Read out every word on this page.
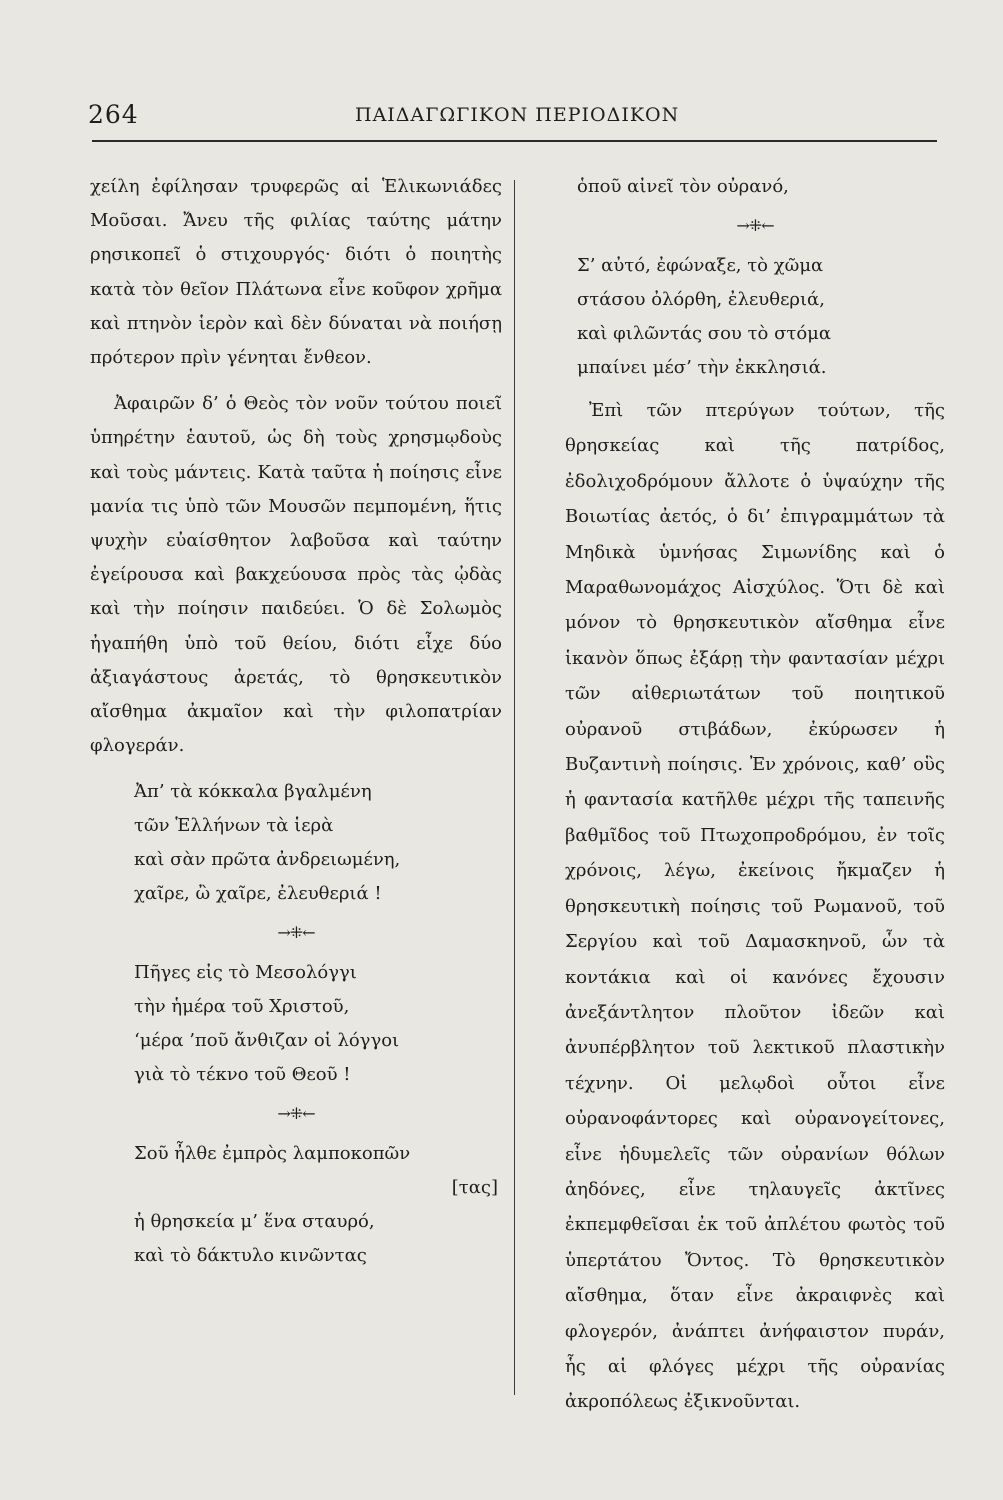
264	ΠΑΙΔΑΓΩΓΙΚΟΝ ΠΕΡΙΟΔΙΚΟΝ

χείλη ἐφίλησαν τρυφερῶς αἱ Ἑλικωνιάδες Μοῦσαι. Ἄνευ τῆς φιλίας ταύτης μάτην ρησικοπεῖ ὁ στιχουργός· διότι ὁ ποιητὴς κατὰ τὸν θεῖον Πλάτωνα εἶνε κοῦφον χρῆμα καὶ πτηνὸν ἱερὸν καὶ δὲν δύναται νὰ ποιήσῃ πρότερον πρὶν γένηται ἔνθεον.

Ἀφαιρῶν δ’ ὁ Θεὸς τὸν νοῦν τούτου ποιεῖ ὑπηρέτην ἑαυτοῦ, ὡς δὴ τοὺς χρησμῳδοὺς καὶ τοὺς μάντεις. Κατὰ ταῦτα ἡ ποίησις εἶνε μανία τις ὑπὸ τῶν Μουσῶν πεμπομένη, ἥτις ψυχὴν εὐαίσθητον λαβοῦσα καὶ ταύτην ἐγείρουσα καὶ βακχεύουσα πρὸς τὰς ᾠδὰς καὶ τὴν ποίησιν παιδεύει. Ὁ δὲ Σολωμὸς ἠγαπήθη ὑπὸ τοῦ θείου, διότι εἶχε δύο ἀξιαγάστους ἀρετάς, τὸ θρησκευτικὸν αἴσθημα ἀκμαῖον καὶ τὴν φιλοπατρίαν φλογεράν.

Ἀπ’ τὰ κόκκαλα βγαλμένη
τῶν Ἑλλήνων τὰ ἱερὰ
καὶ σὰν πρῶτα ἀνδρειωμένη,
χαῖρε, ὢ χαῖρε, ἐλευθεριά !
→⁜←
Πῆγες εἰς τὸ Μεσολόγγι
τὴν ἡμέρα τοῦ Χριστοῦ,
‘μέρα ’ποῦ ἄνθιζαν οἱ λόγγοι
γιὰ τὸ τέκνο τοῦ Θεοῦ !
→⁜←
Σοῦ ἦλθε ἐμπρὸς λαμποκοπῶν
[τας]
ἡ θρησκεία μ’ ἕνα σταυρό,
καὶ τὸ δάκτυλο κινῶντας
ὁποῦ αἰνεῖ τὸν οὐρανό,
→⁜←
Σ’ αὐτό, ἐφώναξε, τὸ χῶμα
στάσου ὀλόρθη, ἐλευθεριά,
καὶ φιλῶντάς σου τὸ στόμα
μπαίνει μέσ’ τὴν ἐκκλησιά.

Ἐπὶ τῶν πτερύγων τούτων, τῆς θρησκείας καὶ τῆς πατρίδος, ἐδολιχοδρόμουν ἄλλοτε ὁ ὑψαύχην τῆς Βοιωτίας ἀετός, ὁ δι’ ἐπιγραμμάτων τὰ Μηδικὰ ὑμνήσας Σιμωνίδης καὶ ὁ Μαραθωνομάχος Αἰσχύλος. Ὅτι δὲ καὶ μόνον τὸ θρησκευτικὸν αἴσθημα εἶνε ἱκανὸν ὅπως ἐξάρῃ τὴν φαντασίαν μέχρι τῶν αἰθεριωτάτων τοῦ ποιητικοῦ οὐρανοῦ στιβάδων, ἐκύρωσεν ἡ Βυζαντινὴ ποίησις. Ἐν χρόνοις, καθ’ οὓς ἡ φαντασία κατῆλθε μέχρι τῆς ταπεινῆς βαθμῖδος τοῦ Πτωχοπροδρόμου, ἐν τοῖς χρόνοις, λέγω, ἐκείνοις ἤκμαζεν ἡ θρησκευτικὴ ποίησις τοῦ Ρωμανοῦ, τοῦ Σεργίου καὶ τοῦ Δαμασκηνοῦ, ὧν τὰ κοντάκια καὶ οἱ κανόνες ἔχουσιν ἀνεξάντλητον πλοῦτον ἰδεῶν καὶ ἀνυπέρβλητον τοῦ λεκτικοῦ πλαστικὴν τέχνην. Οἱ μελῳδοὶ οὗτοι εἶνε οὐρανοφάντορες καὶ οὐρανογείτονες, εἶνε ἡδυμελεῖς τῶν οὐρανίων θόλων ἀηδόνες, εἶνε τηλαυγεῖς ἀκτῖνες ἐκπεμφθεῖσαι ἐκ τοῦ ἀπλέτου φωτὸς τοῦ ὑπερτάτου Ὄντος. Τὸ θρησκευτικὸν αἴσθημα, ὅταν εἶνε ἀκραιφνὲς καὶ φλογερόν, ἀνάπτει ἀνήφαιστον πυράν, ἧς αἱ φλόγες μέχρι τῆς οὐρανίας ἀκροπόλεως ἐξικνοῦνται.
